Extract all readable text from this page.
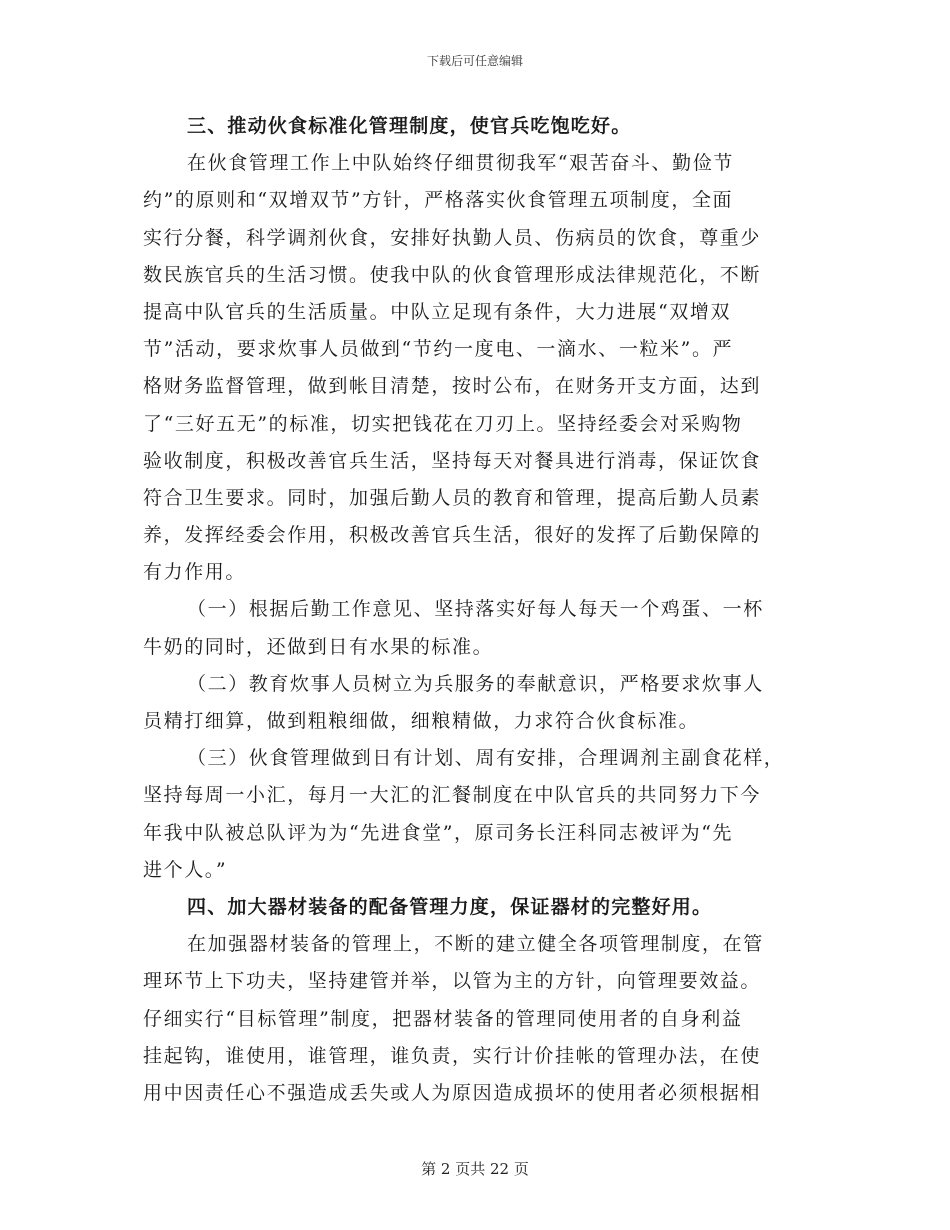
下载后可任意编辑
三、推动伙食标准化管理制度，使官兵吃饱吃好。
在伙食管理工作上中队始终仔细贯彻我军“艰苦奋斗、勤俭节
约”的原则和“双增双节”方针，严格落实伙食管理五项制度，全面
实行分餐，科学调剂伙食，安排好执勤人员、伤病员的饮食，尊重少
数民族官兵的生活习惯。使我中队的伙食管理形成法律规范化，不断
提高中队官兵的生活质量。中队立足现有条件，大力进展“双增双
节”活动，要求炊事人员做到“节约一度电、一滴水、一粒米”。严
格财务监督管理，做到帐目清楚，按时公布，在财务开支方面，达到
了“三好五无”的标准，切实把钱花在刀刃上。坚持经委会对采购物
验收制度，积极改善官兵生活，坚持每天对餐具进行消毒，保证饮食
符合卫生要求。同时，加强后勤人员的教育和管理，提高后勤人员素
养，发挥经委会作用，积极改善官兵生活，很好的发挥了后勤保障的
有力作用。
（一）根据后勤工作意见、坚持落实好每人每天一个鸡蛋、一杯
牛奶的同时，还做到日有水果的标准。
（二）教育炊事人员树立为兵服务的奉献意识，严格要求炊事人
员精打细算，做到粗粮细做，细粮精做，力求符合伙食标准。
（三）伙食管理做到日有计划、周有安排，合理调剂主副食花样，
坚持每周一小汇，每月一大汇的汇餐制度在中队官兵的共同努力下今
年我中队被总队评为为“先进食堂”，原司务长汪科同志被评为“先
进个人。”
四、加大器材装备的配备管理力度，保证器材的完整好用。
在加强器材装备的管理上，不断的建立健全各项管理制度，在管
理环节上下功夫，坚持建管并举，以管为主的方针，向管理要效益。
仔细实行“目标管理”制度，把器材装备的管理同使用者的自身利益
挂起钩，谁使用，谁管理，谁负责，实行计价挂帐的管理办法，在使
用中因责任心不强造成丢失或人为原因造成损坏的使用者必须根据相
第 2 页共 22 页
